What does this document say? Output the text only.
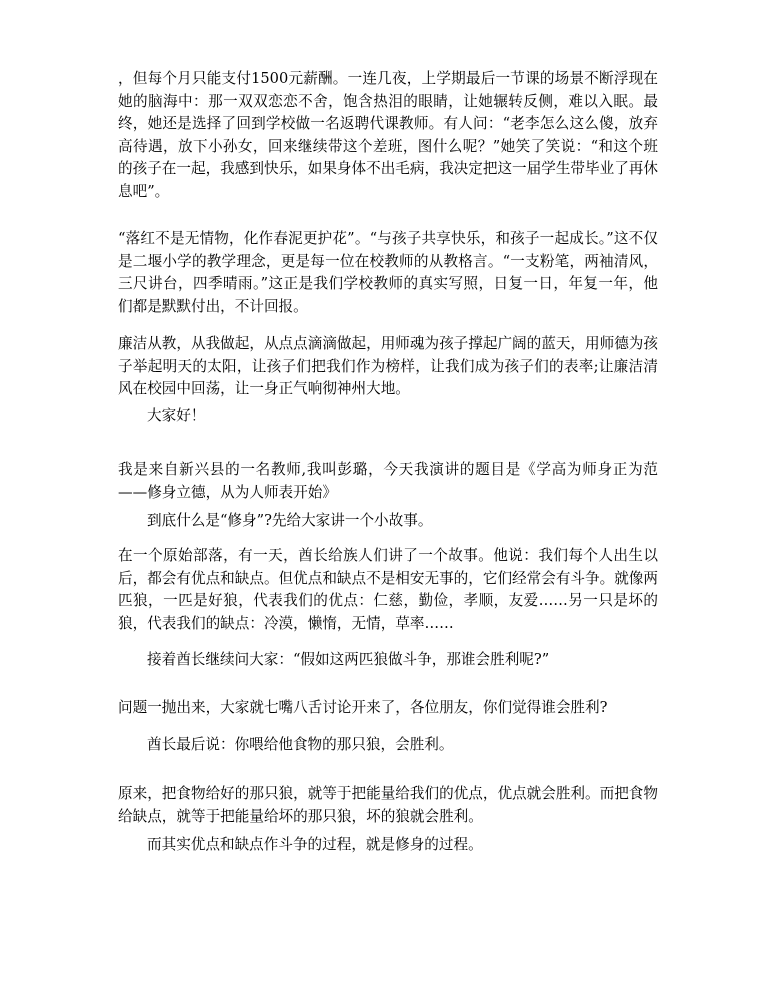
，但每个月只能支付1500元薪酬。一连几夜，上学期最后一节课的场景不断浮现在她的脑海中：那一双双恋恋不舍，饱含热泪的眼睛，让她辗转反侧，难以入眠。最终，她还是选择了回到学校做一名返聘代课教师。有人问：“老李怎么这么傻，放弃高待遇，放下小孙女，回来继续带这个差班，图什么呢？”她笑了笑说：“和这个班的孩子在一起，我感到快乐，如果身体不出毛病，我决定把这一届学生带毕业了再休息吧”。

“落红不是无情物，化作春泥更护花”。“与孩子共享快乐，和孩子一起成长。”这不仅是二堰小学的教学理念，更是每一位在校教师的从教格言。“一支粉笔，两袖清风，三尺讲台，四季晴雨。”这正是我们学校教师的真实写照，日复一日，年复一年，他们都是默默付出，不计回报。

廉洁从教，从我做起，从点点滴滴做起，用师魂为孩子撑起广阔的蓝天，用师德为孩子举起明天的太阳，让孩子们把我们作为榜样，让我们成为孩子们的表率;让廉洁清风在校园中回荡，让一身正气响彻神州大地。

大家好！

我是来自新兴县的一名教师,我叫彭璐，今天我演讲的题目是《学高为师身正为范——修身立德，从为人师表开始》

到底什么是“修身”?先给大家讲一个小故事。

在一个原始部落，有一天，酋长给族人们讲了一个故事。他说：我们每个人出生以后，都会有优点和缺点。但优点和缺点不是相安无事的，它们经常会有斗争。就像两匹狼，一匹是好狼，代表我们的优点：仁慈，勤俭，孝顺，友爱……另一只是坏的狼，代表我们的缺点：冷漠，懒惰，无情，草率……

接着酋长继续问大家：“假如这两匹狼做斗争，那谁会胜利呢?”

问题一抛出来，大家就七嘴八舌讨论开来了，各位朋友，你们觉得谁会胜利?

酋长最后说：你喂给他食物的那只狼，会胜利。

原来，把食物给好的那只狼，就等于把能量给我们的优点，优点就会胜利。而把食物给缺点，就等于把能量给坏的那只狼，坏的狼就会胜利。

而其实优点和缺点作斗争的过程，就是修身的过程。
